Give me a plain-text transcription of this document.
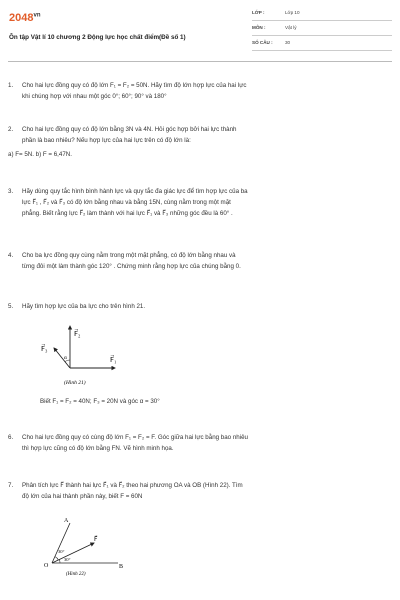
$2048^{vn}$
Ôn tập Vật lí 10 chương 2 Động lực học chất điểm(Đề số 1)
LỚP :	Lớp 10
MÔN :	Vật lý
SỐ CÂU :	30
1. Cho hai lực đồng quy có độ lớn F₁ = F₂ = 50N. Hãy tìm độ lớn hợp lực của hai lực
khi chúng hợp với nhau một góc 0°; 60°; 90° và 180°
2. Cho hai lực đồng quy có độ lớn bằng 3N và 4N. Hỏi góc hợp bởi hai lực thành
phần là bao nhiêu? Nếu hợp lực của hai lực trên có độ lớn là:
a) F= 5N. b) F = 6,47N.
3. Hãy dùng quy tắc hình bình hành lực và quy tắc đa giác lực để tìm hợp lực của ba
lực F⃗₁ , F⃗₂ và F⃗₃ có độ lớn bằng nhau và bằng 15N, cùng nằm trong một mặt
phẳng. Biết rằng lực F⃗₂ làm thành với hai lực F⃗₁ và F⃗₃ những góc đều là 60° .
4. Cho ba lực đồng quy cùng nằm trong một mặt phẳng, có độ lớn bằng nhau và
từng đôi một làm thành góc 120° . Chứng minh rằng hợp lực của chúng bằng 0.
5. Hãy tìm hợp lực của ba lực cho trên hình 21.
F⃗₂
F⃗₃
F⃗₁
α
(Hình 21)
Biết F₁ = F₂ = 40N; F₃ = 20N và góc α = 30°
6. Cho hai lực đồng quy có cùng độ lớn F₁ = F₂ = F. Góc giữa hai lực bằng bao nhiêu
thì hợp lực cũng có độ lớn bằng FN. Vẽ hình minh họa.
7. Phân tích lực F⃗ thành hai lực F⃗₁ và F⃗₂ theo hai phương OA và OB (Hình 22). Tìm
độ lớn của hai thành phần này, biết F = 60N
A
F⃗
O	B
30°
30°
(Hình 22)
